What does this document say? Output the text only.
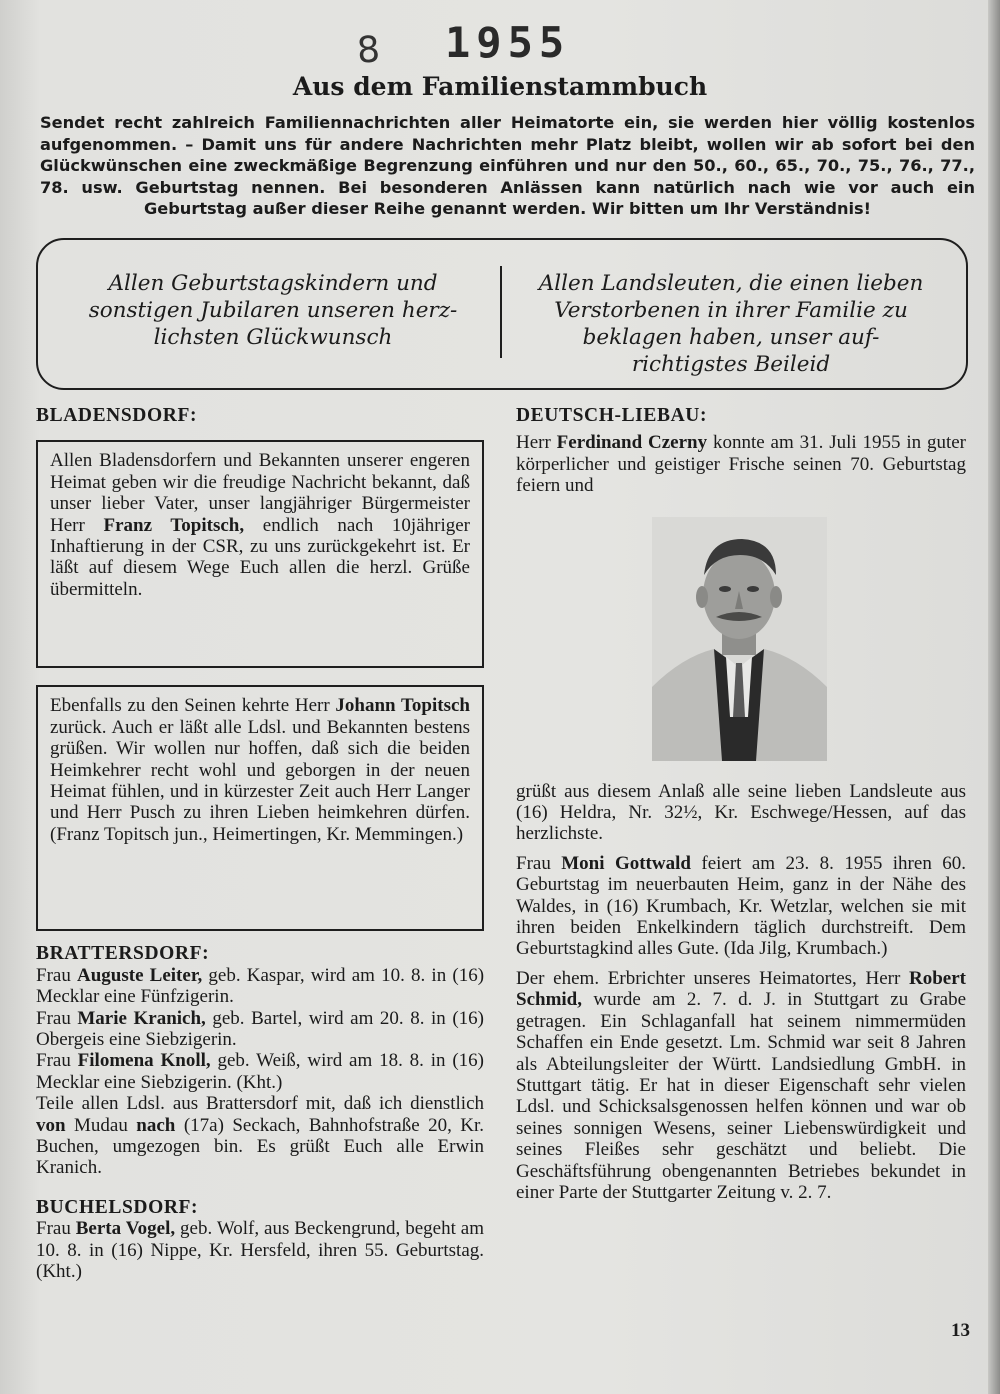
8 1955
Aus dem Familienstammbuch
Sendet recht zahlreich Familiennachrichten aller Heimatorte ein, sie werden hier völlig kostenlos aufgenommen. – Damit uns für andere Nachrichten mehr Platz bleibt, wollen wir ab sofort bei den Glückwünschen eine zweckmäßige Begrenzung einführen und nur den 50., 60., 65., 70., 75., 76., 77., 78. usw. Geburtstag nennen. Bei besonderen Anlässen kann natürlich nach wie vor auch ein Geburtstag außer dieser Reihe genannt werden. Wir bitten um Ihr Verständnis!
Allen Geburtstagskindern und sonstigen Jubilaren unseren herz- lichsten Glückwunsch
Allen Landsleuten, die einen lieben Verstorbenen in ihrer Familie zu beklagen haben, unser auf- richtigstes Beileid

BLADENSDORF:

Allen Bladensdorfern und Bekannten unserer engeren Heimat geben wir die freudige Nachricht bekannt, daß unser lieber Vater, unser langjähriger Bürgermeister Herr Franz Topitsch, endlich nach 10jähriger Inhaftierung in der CSR, zu uns zurückgekehrt ist. Er läßt auf diesem Wege Euch allen die herzl. Grüße übermitteln.

Ebenfalls zu den Seinen kehrte Herr Johann Topitsch zurück. Auch er läßt alle Ldsl. und Bekannten bestens grüßen. Wir wollen nur hoffen, daß sich die beiden Heimkehrer recht wohl und geborgen in der neuen Heimat fühlen, und in kürzester Zeit auch Herr Langer und Herr Pusch zu ihren Lieben heimkehren dürfen. (Franz Topitsch jun., Heimertingen, Kr. Memmingen.)

BRATTERSDORF:

Frau Auguste Leiter, geb. Kaspar, wird am 10. 8. in (16) Mecklar eine Fünfzigerin.

Frau Marie Kranich, geb. Bartel, wird am 20. 8. in (16) Obergeis eine Siebzigerin.

Frau Filomena Knoll, geb. Weiß, wird am 18. 8. in (16) Mecklar eine Siebzigerin. (Kht.)

Teile allen Ldsl. aus Brattersdorf mit, daß ich dienstlich von Mudau nach (17a) Seckach, Bahnhofstraße 20, Kr. Buchen, umgezogen bin. Es grüßt Euch alle Erwin Kranich.

BUCHELSDORF:

Frau Berta Vogel, geb. Wolf, aus Beckengrund, begeht am 10. 8. in (16) Nippe, Kr. Hersfeld, ihren 55. Geburtstag. (Kht.)

DEUTSCH-LIEBAU:

Herr Ferdinand Czerny konnte am 31. Juli 1955 in guter körperlicher und geistiger Frische seinen 70. Geburtstag feiern und

grüßt aus diesem Anlaß alle seine lieben Landsleute aus (16) Heldra, Nr. 32½, Kr. Eschwege/Hessen, auf das herzlichste.

Frau Moni Gottwald feiert am 23. 8. 1955 ihren 60. Geburtstag im neuerbauten Heim, ganz in der Nähe des Waldes, in (16) Krumbach, Kr. Wetzlar, welchen sie mit ihren beiden Enkelkindern täglich durchstreift. Dem Geburtstagkind alles Gute. (Ida Jilg, Krumbach.)

Der ehem. Erbrichter unseres Heimatortes, Herr Robert Schmid, wurde am 2. 7. d. J. in Stuttgart zu Grabe getragen. Ein Schlaganfall hat seinem nimmermüden Schaffen ein Ende gesetzt. Lm. Schmid war seit 8 Jahren als Abteilungsleiter der Württ. Landsiedlung GmbH. in Stuttgart tätig. Er hat in dieser Eigenschaft sehr vielen Ldsl. und Schicksalsgenossen helfen können und war ob seines sonnigen Wesens, seiner Liebenswürdigkeit und seines Fleißes sehr geschätzt und beliebt. Die Geschäftsführung obengenannten Betriebes bekundet in einer Parte der Stuttgarter Zeitung v. 2. 7.

13
